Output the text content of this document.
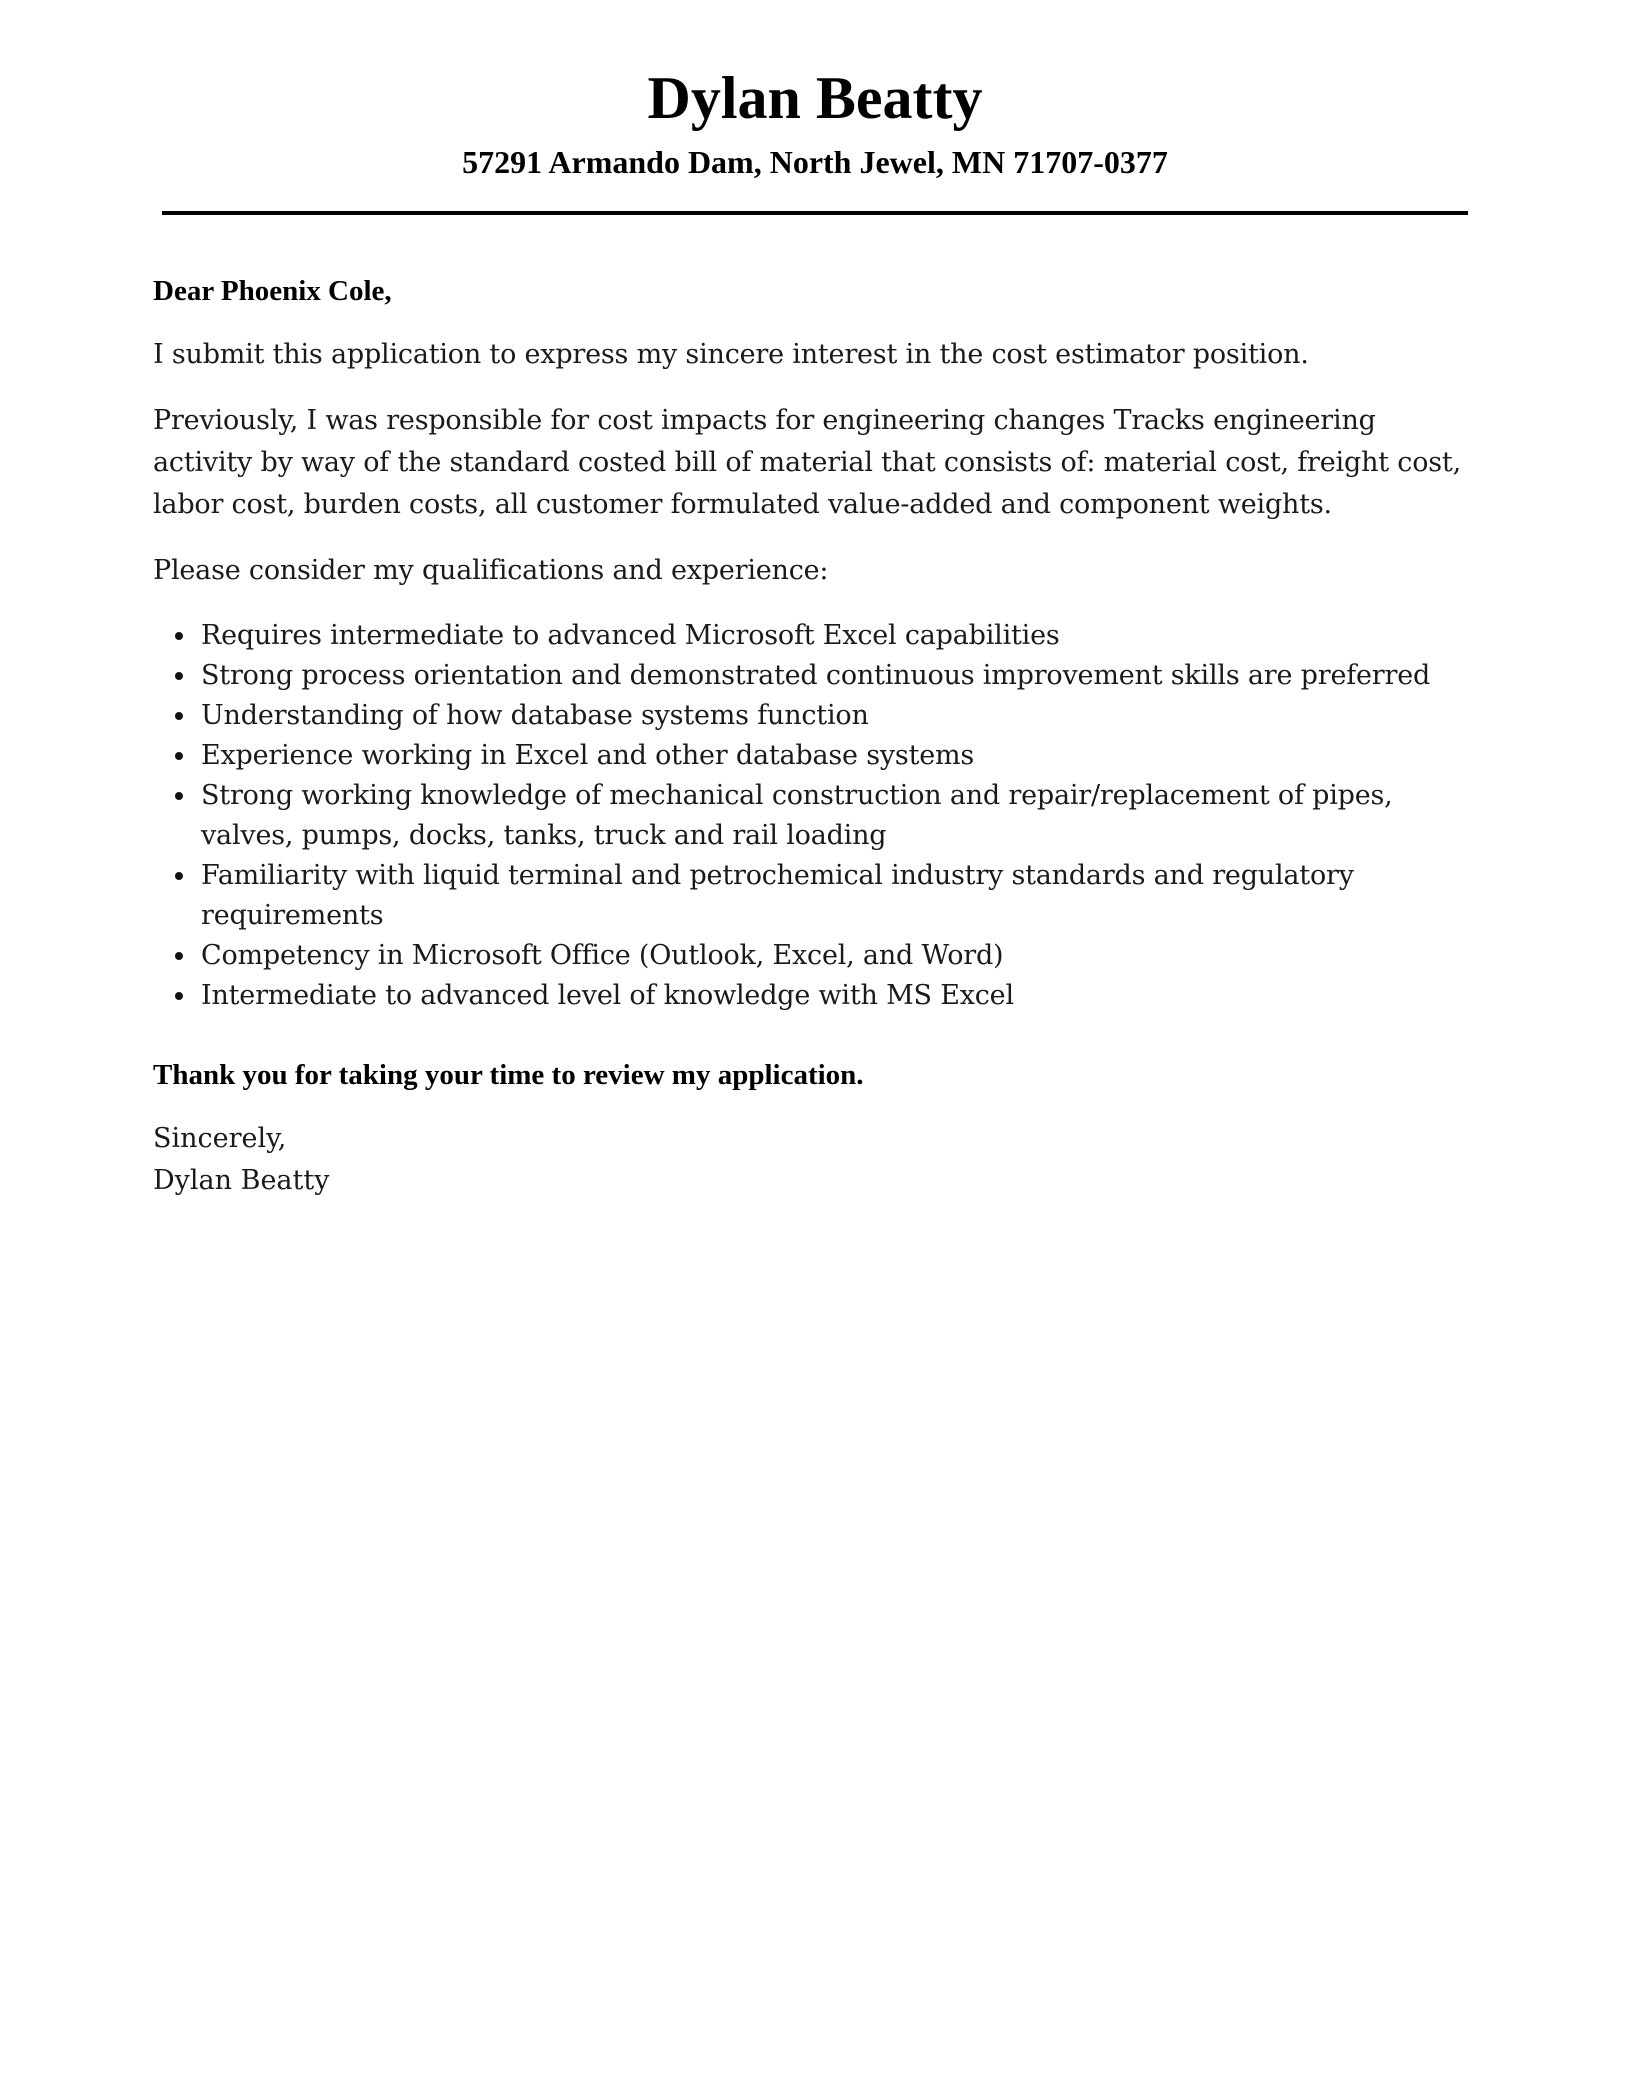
Dylan Beatty
57291 Armando Dam, North Jewel, MN 71707-0377

Dear Phoenix Cole,

I submit this application to express my sincere interest in the cost estimator position.

Previously, I was responsible for cost impacts for engineering changes Tracks engineering activity by way of the standard costed bill of material that consists of: material cost, freight cost, labor cost, burden costs, all customer formulated value-added and component weights.

Please consider my qualifications and experience:

Requires intermediate to advanced Microsoft Excel capabilities
Strong process orientation and demonstrated continuous improvement skills are preferred
Understanding of how database systems function
Experience working in Excel and other database systems
Strong working knowledge of mechanical construction and repair/replacement of pipes, valves, pumps, docks, tanks, truck and rail loading
Familiarity with liquid terminal and petrochemical industry standards and regulatory requirements
Competency in Microsoft Office (Outlook, Excel, and Word)
Intermediate to advanced level of knowledge with MS Excel

Thank you for taking your time to review my application.

Sincerely,

Dylan Beatty
